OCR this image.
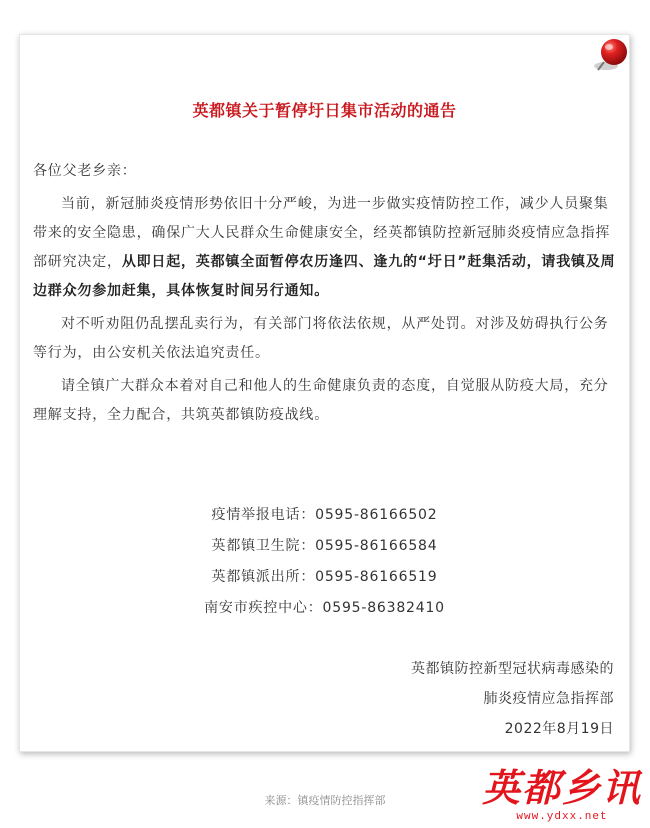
英都镇关于暂停圩日集市活动的通告

各位父老乡亲：

当前，新冠肺炎疫情形势依旧十分严峻，为进一步做实疫情防控工作，减少人员聚集带来的安全隐患，确保广大人民群众生命健康安全，经英都镇防控新冠肺炎疫情应急指挥部研究决定，从即日起，英都镇全面暂停农历逢四、逢九的“圩日”赶集活动，请我镇及周边群众勿参加赶集，具体恢复时间另行通知。

对不听劝阻仍乱摆乱卖行为，有关部门将依法依规，从严处罚。对涉及妨碍执行公务等行为，由公安机关依法追究责任。

请全镇广大群众本着对自己和他人的生命健康负责的态度，自觉服从防疫大局，充分理解支持，全力配合，共筑英都镇防疫战线。

疫情举报电话：0595-86166502
英都镇卫生院：0595-86166584
英都镇派出所：0595-86166519
南安市疾控中心：0595-86382410
英都镇防控新型冠状病毒感染的
肺炎疫情应急指挥部
2022年8月19日
来源：镇疫情防控指挥部	英都乡讯
www.ydxx.net
